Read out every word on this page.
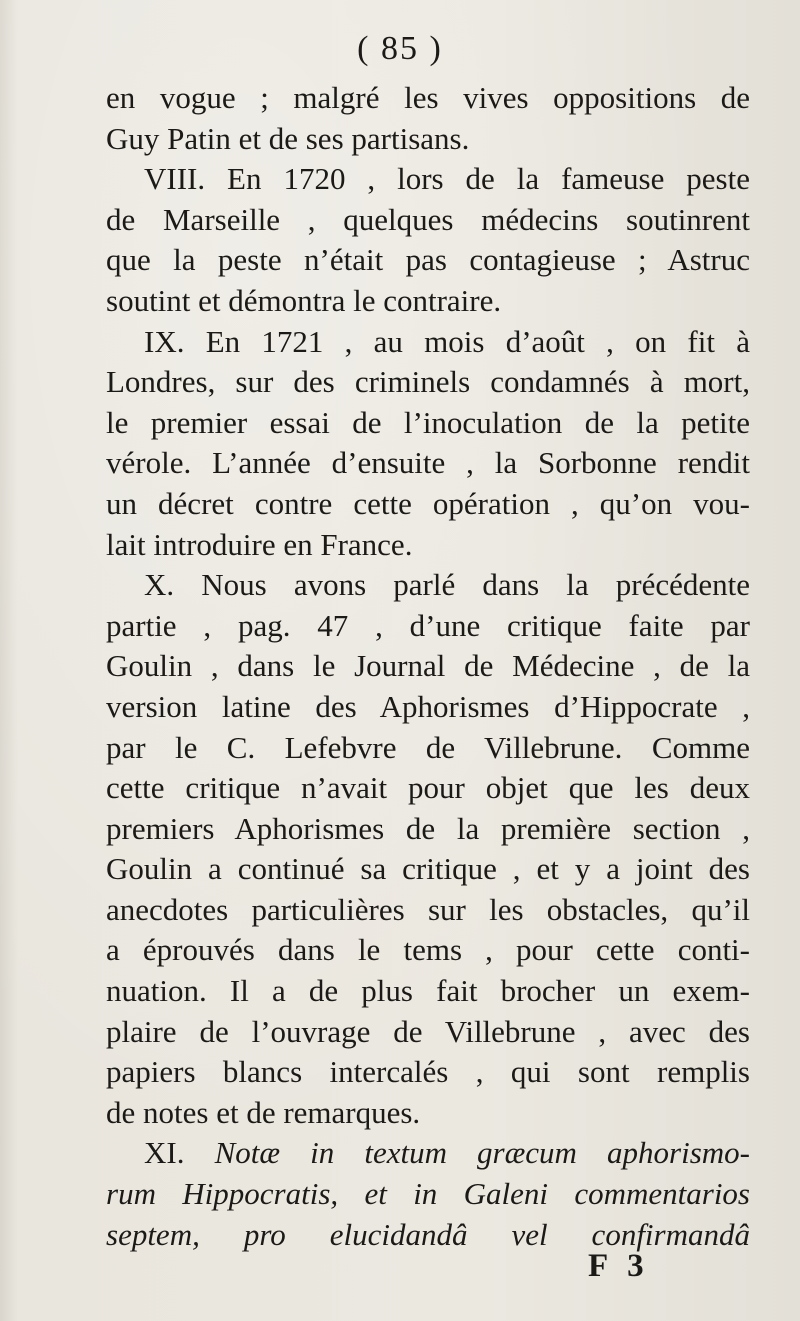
( 85 )
en vogue ; malgré les vives oppositions de
Guy Patin et de ses partisans.
VIII. En 1720 , lors de la fameuse peste
de Marseille , quelques médecins soutinrent
que la peste n’était pas contagieuse ; Astruc
soutint et démontra le contraire.
IX. En 1721 , au mois d’août , on fit à
Londres, sur des criminels condamnés à mort,
le premier essai de l’inoculation de la petite
vérole. L’année d’ensuite , la Sorbonne rendit
un décret contre cette opération , qu’on vou-
lait introduire en France.
X. Nous avons parlé dans la précédente
partie , pag. 47 , d’une critique faite par
Goulin , dans le Journal de Médecine , de la
version latine des Aphorismes d’Hippocrate ,
par le C. Lefebvre de Villebrune. Comme
cette critique n’avait pour objet que les deux
premiers Aphorismes de la première section ,
Goulin a continué sa critique , et y a joint des
anecdotes particulières sur les obstacles, qu’il
a éprouvés dans le tems , pour cette conti-
nuation. Il a de plus fait brocher un exem-
plaire de l’ouvrage de Villebrune , avec des
papiers blancs intercalés , qui sont remplis
de notes et de remarques.
XI. Notæ in textum græcum aphorismo-
rum Hippocratis, et in Galeni commentarios
septem, pro elucidandâ vel confirmandâ
F 3
